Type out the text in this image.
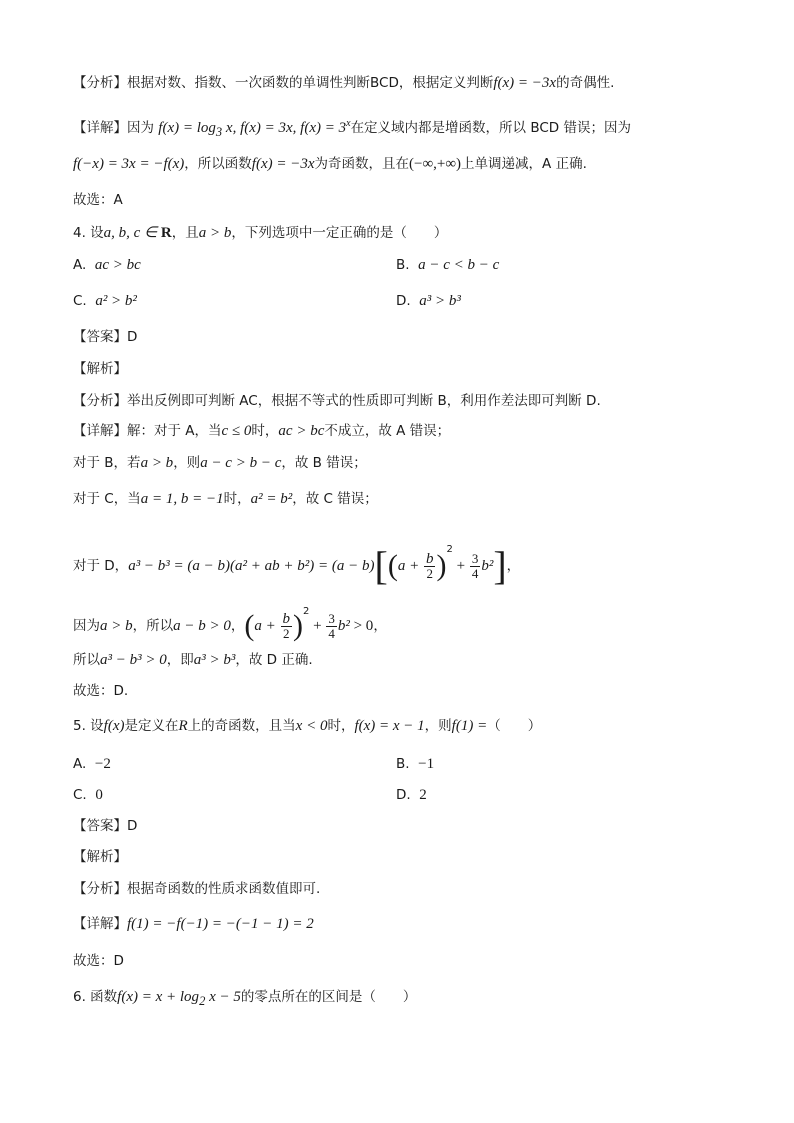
【分析】根据对数、指数、一次函数的单调性判断BCD，根据定义判断f(x) = −3x的奇偶性.
【详解】因为 $f(x) = \log_3 x$, f(x) = 3x, $f(x) = 3^x$在定义域内都是增函数，所以 BCD 错误；因为
f(−x) = 3x = −f(x)，所以函数f(x) = −3x为奇函数，且在(−∞,+∞)上单调递减，A 正确.
故选：A
4. 设a, b, c ∈ R，且a > b，下列选项中一定正确的是（　　）
A. ac > bc	B. a − c < b − c
C. a² > b²	D. a³ > b³
【答案】D
【解析】
【分析】举出反例即可判断 AC，根据不等式的性质即可判断 B，利用作差法即可判断 D.
【详解】解：对于 A，当c ≤ 0时，ac > bc不成立，故 A 错误；
对于 B，若a > b，则a − c > b − c，故 B 错误；
对于 C，当a = 1, b = −1时，a² = b²，故 C 错误；
对于 D，a³ − b³ = (a − b)(a² + ab + $b^2) = (a - b)[(a + \frac{b}{2} )^2 + \frac{3}{4} b^2]$，
因为a > b，所以a − b > 0，$(a + \frac{b}{2} )^2 + \frac{3}{4} b^2 > 0$，
所以a³ − b³ > 0，即a³ > b³，故 D 正确.
故选：D.
5. 设f(x)是定义在R上的奇函数，且当x < 0时，f(x) = x − 1，则f(1) =（　　）
A. −2	B. −1
C. 0	D. 2
【答案】D
【解析】
【分析】根据奇函数的性质求函数值即可.
【详解】f(1) = −f(−1) = −(−1 − 1) = 2
故选：D
6. 函数$f(x) = x + \log_2 x - 5$的零点所在的区间是（　　）
